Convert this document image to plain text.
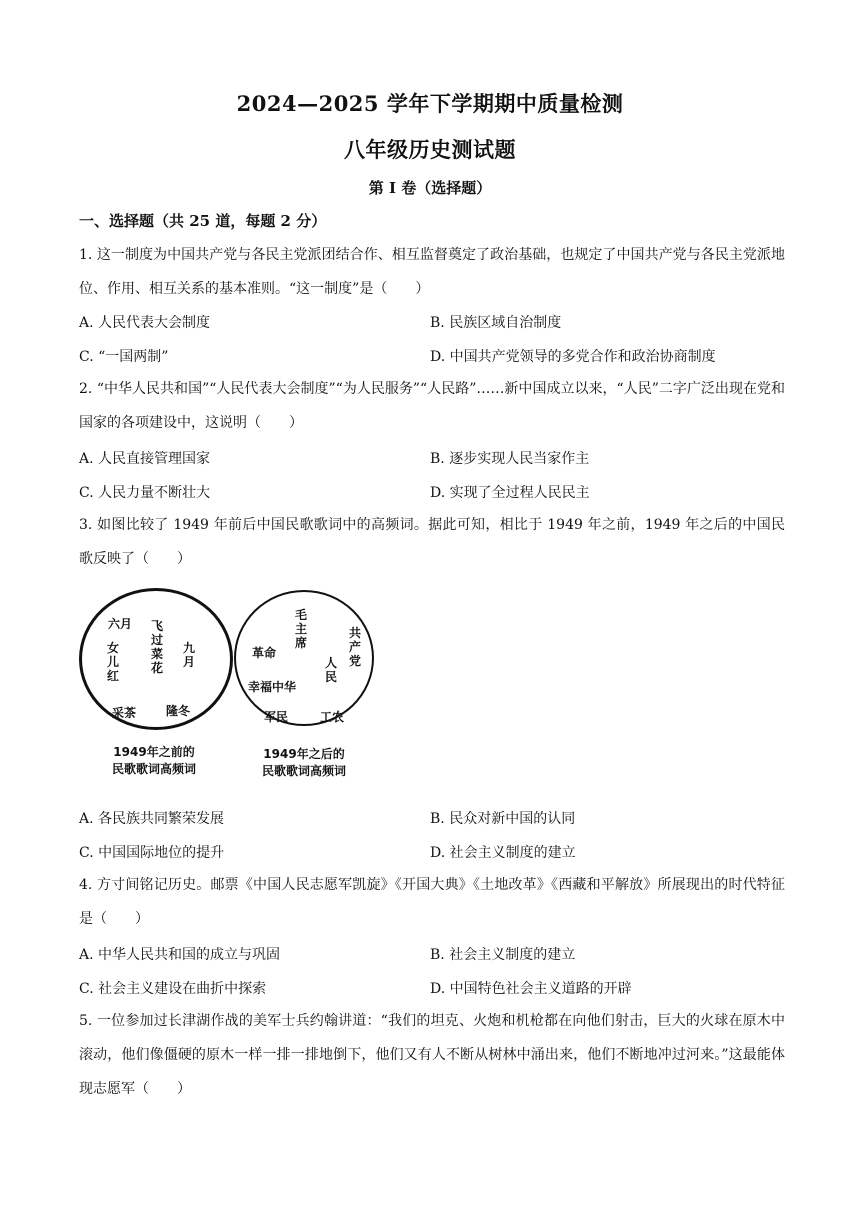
2024—2025 学年下学期期中质量检测
八年级历史测试题
第 I 卷（选择题）
一、选择题（共 25 道，每题 2 分）
1. 这一制度为中国共产党与各民主党派团结合作、相互监督奠定了政治基础，也规定了中国共产党与各民主党派地位、作用、相互关系的基本准则。“这一制度”是（　　）
A. 人民代表大会制度	B. 民族区域自治制度
C. “一国两制”	D. 中国共产党领导的多党合作和政治协商制度
2. “中华人民共和国”“人民代表大会制度”“为人民服务”“人民路”……新中国成立以来，“人民”二字广泛出现在党和国家的各项建设中，这说明（　　）
A. 人民直接管理国家	B. 逐步实现人民当家作主
C. 人民力量不断壮大	D. 实现了全过程人民民主
3. 如图比较了 1949 年前后中国民歌歌词中的高频词。据此可知，相比于 1949 年之前，1949 年之后的中国民歌反映了（　　）
六月 飞过菜花
女儿红
九月
采茶 隆冬
毛主席
共产党
革命
幸福中华
人民
军民	工农
1949年之前的
民歌歌词高频词
1949年之后的
民歌歌词高频词
A. 各民族共同繁荣发展	B. 民众对新中国的认同
C. 中国国际地位的提升	D. 社会主义制度的建立
4. 方寸间铭记历史。邮票《中国人民志愿军凯旋》《开国大典》《土地改革》《西藏和平解放》所展现出的时代特征是（　　）
A. 中华人民共和国的成立与巩固	B. 社会主义制度的建立
C. 社会主义建设在曲折中探索	D. 中国特色社会主义道路的开辟
5. 一位参加过长津湖作战的美军士兵约翰讲道：“我们的坦克、火炮和机枪都在向他们射击，巨大的火球在原木中滚动，他们像僵硬的原木一样一排一排地倒下，他们又有人不断从树林中涌出来，他们不断地冲过河来。”这最能体现志愿军（　　）
